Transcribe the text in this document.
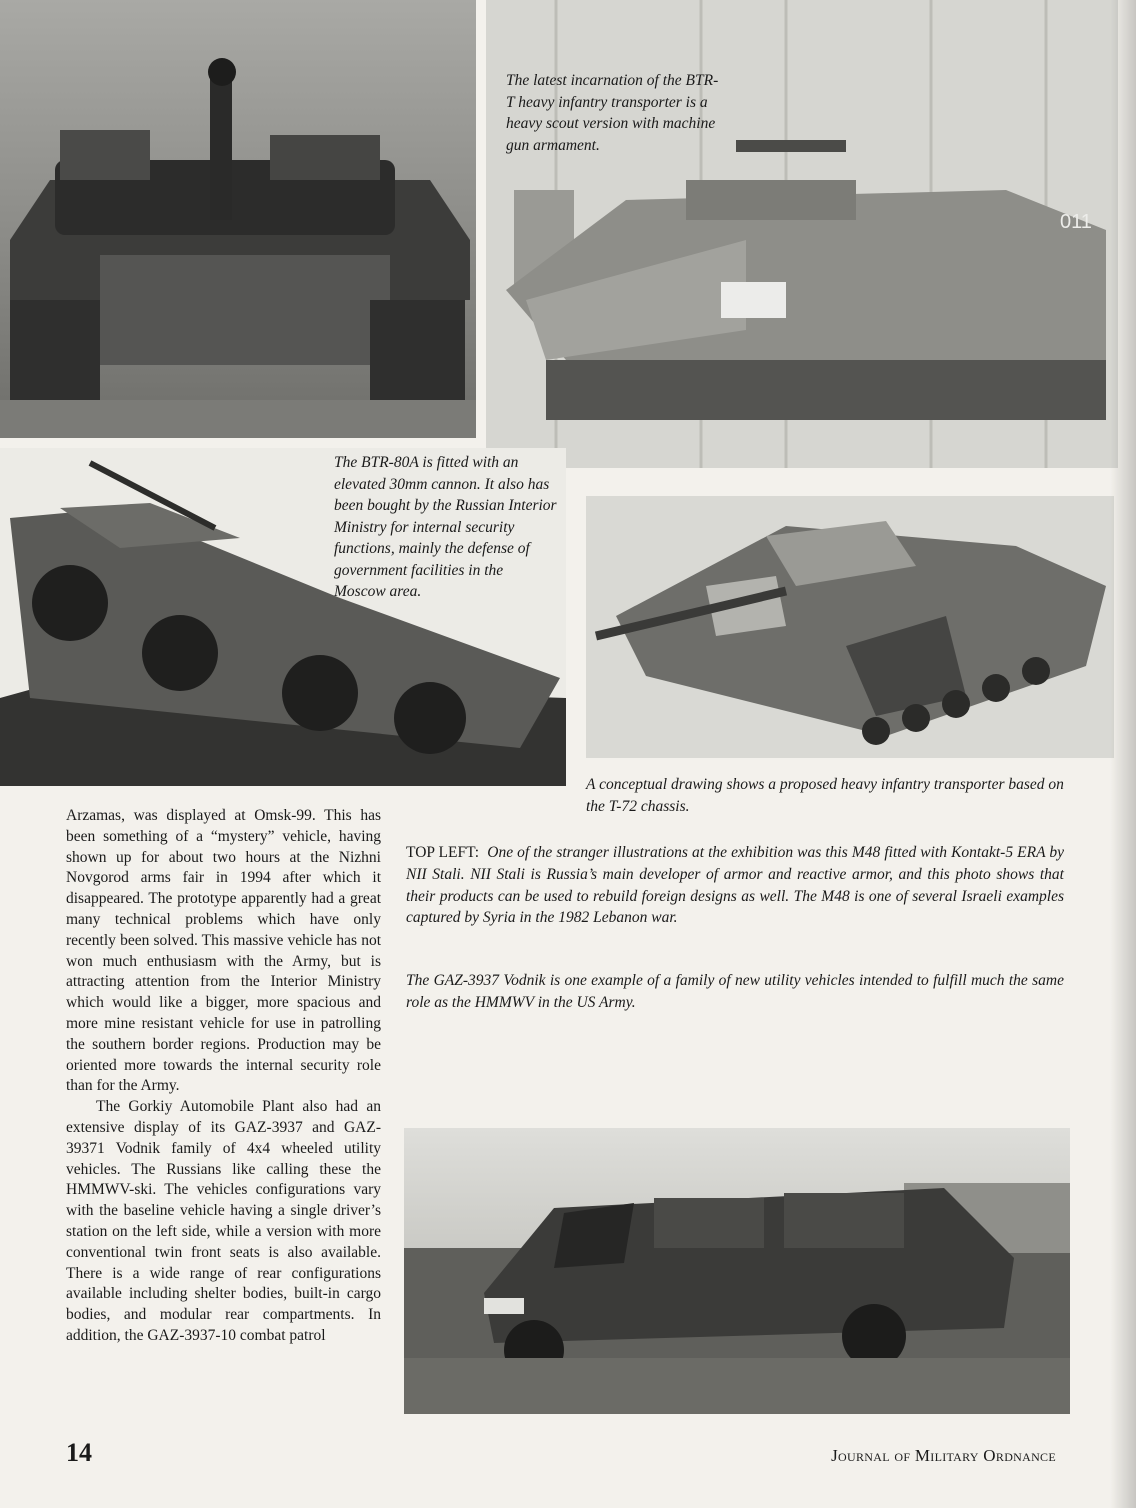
011

The latest incarnation of the BTR-T heavy infantry transporter is a heavy scout version with machine gun armament.

The BTR-80A is fitted with an elevated 30mm cannon. It also has been bought by the Russian Interior Ministry for internal security functions, mainly the defense of government facilities in the Moscow area.

A conceptual drawing shows a proposed heavy infantry transporter based on the T-72 chassis.

Arzamas, was displayed at Omsk-99. This has been something of a “mystery” vehicle, having shown up for about two hours at the Nizhni Novgorod arms fair in 1994 after which it disappeared. The prototype apparently had a great many technical problems which have only recently been solved. This massive vehicle has not won much enthusiasm with the Army, but is attracting attention from the Interior Ministry which would like a bigger, more spacious and more mine resistant vehicle for use in patrolling the southern border regions. Production may be oriented more towards the internal security role than for the Army.

The Gorkiy Automobile Plant also had an extensive display of its GAZ-3937 and GAZ-39371 Vodnik family of 4x4 wheeled utility vehicles. The Russians like calling these the HMMWV-ski. The vehicles configurations vary with the baseline vehicle having a single driver’s station on the left side, while a version with more conventional twin front seats is also available. There is a wide range of rear configurations available including shelter bodies, built-in cargo bodies, and modular rear compartments. In addition, the GAZ-3937-10 combat patrol

TOP LEFT: One of the stranger illustrations at the exhibition was this M48 fitted with Kontakt-5 ERA by NII Stali. NII Stali is Russia’s main developer of armor and reactive armor, and this photo shows that their products can be used to rebuild foreign designs as well. The M48 is one of several Israeli examples captured by Syria in the 1982 Lebanon war.

The GAZ-3937 Vodnik is one example of a family of new utility vehicles intended to fulfill much the same role as the HMMWV in the US Army.

14	Journal of Military Ordnance
